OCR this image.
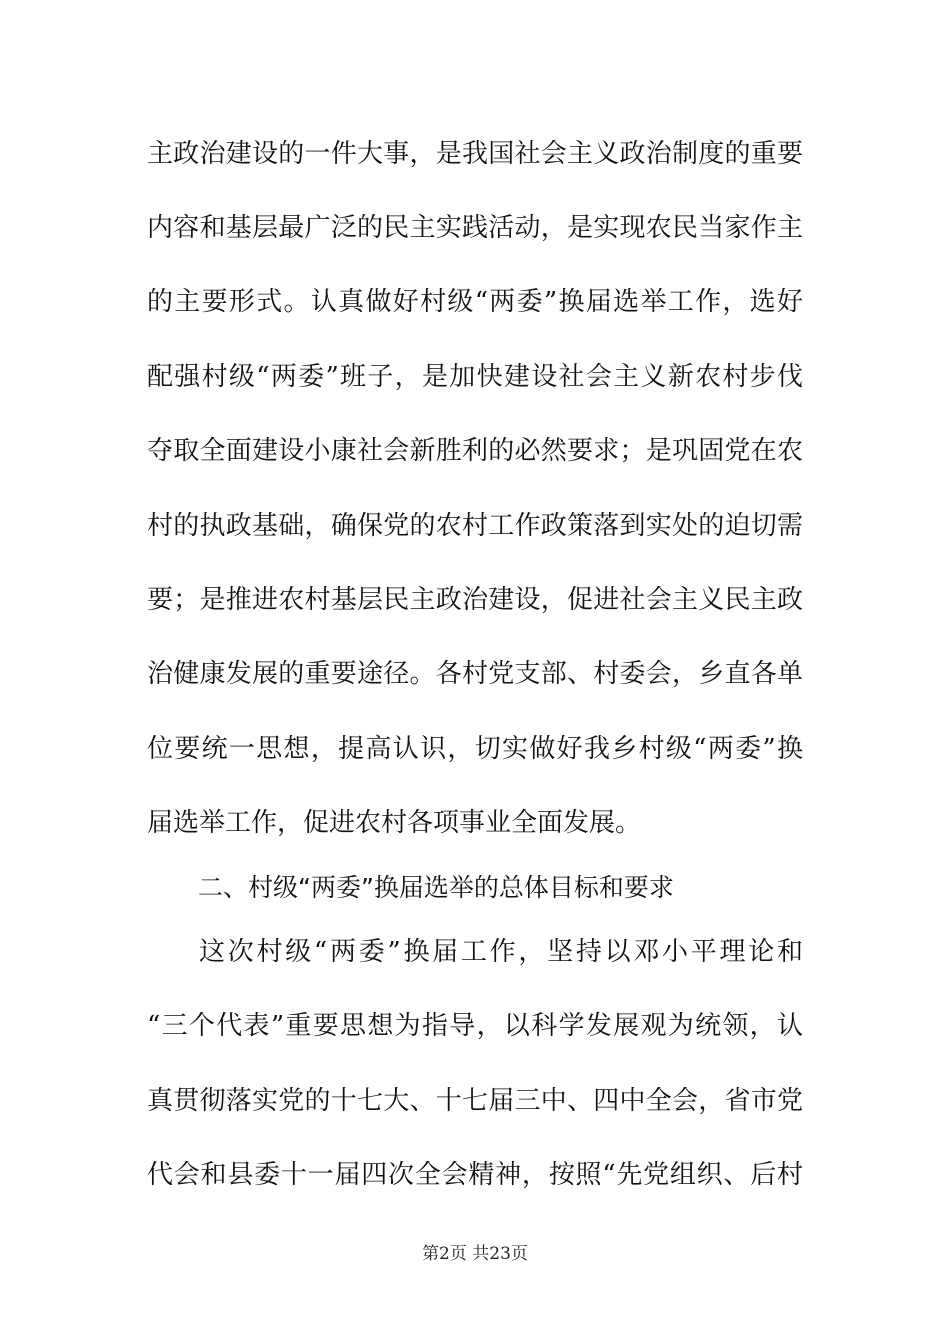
主政治建设的一件大事，是我国社会主义政治制度的重要
内容和基层最广泛的民主实践活动，是实现农民当家作主
的主要形式。认真做好村级“两委”换届选举工作，选好
配强村级“两委”班子，是加快建设社会主义新农村步伐
夺取全面建设小康社会新胜利的必然要求；是巩固党在农
村的执政基础，确保党的农村工作政策落到实处的迫切需
要；是推进农村基层民主政治建设，促进社会主义民主政
治健康发展的重要途径。各村党支部、村委会，乡直各单
位要统一思想，提高认识，切实做好我乡村级“两委”换
届选举工作，促进农村各项事业全面发展。
二、村级“两委”换届选举的总体目标和要求
这次村级“两委”换届工作，坚持以邓小平理论和
“三个代表”重要思想为指导，以科学发展观为统领，认
真贯彻落实党的十七大、十七届三中、四中全会，省市党
代会和县委十一届四次全会精神，按照“先党组织、后村
第2页 共23页
